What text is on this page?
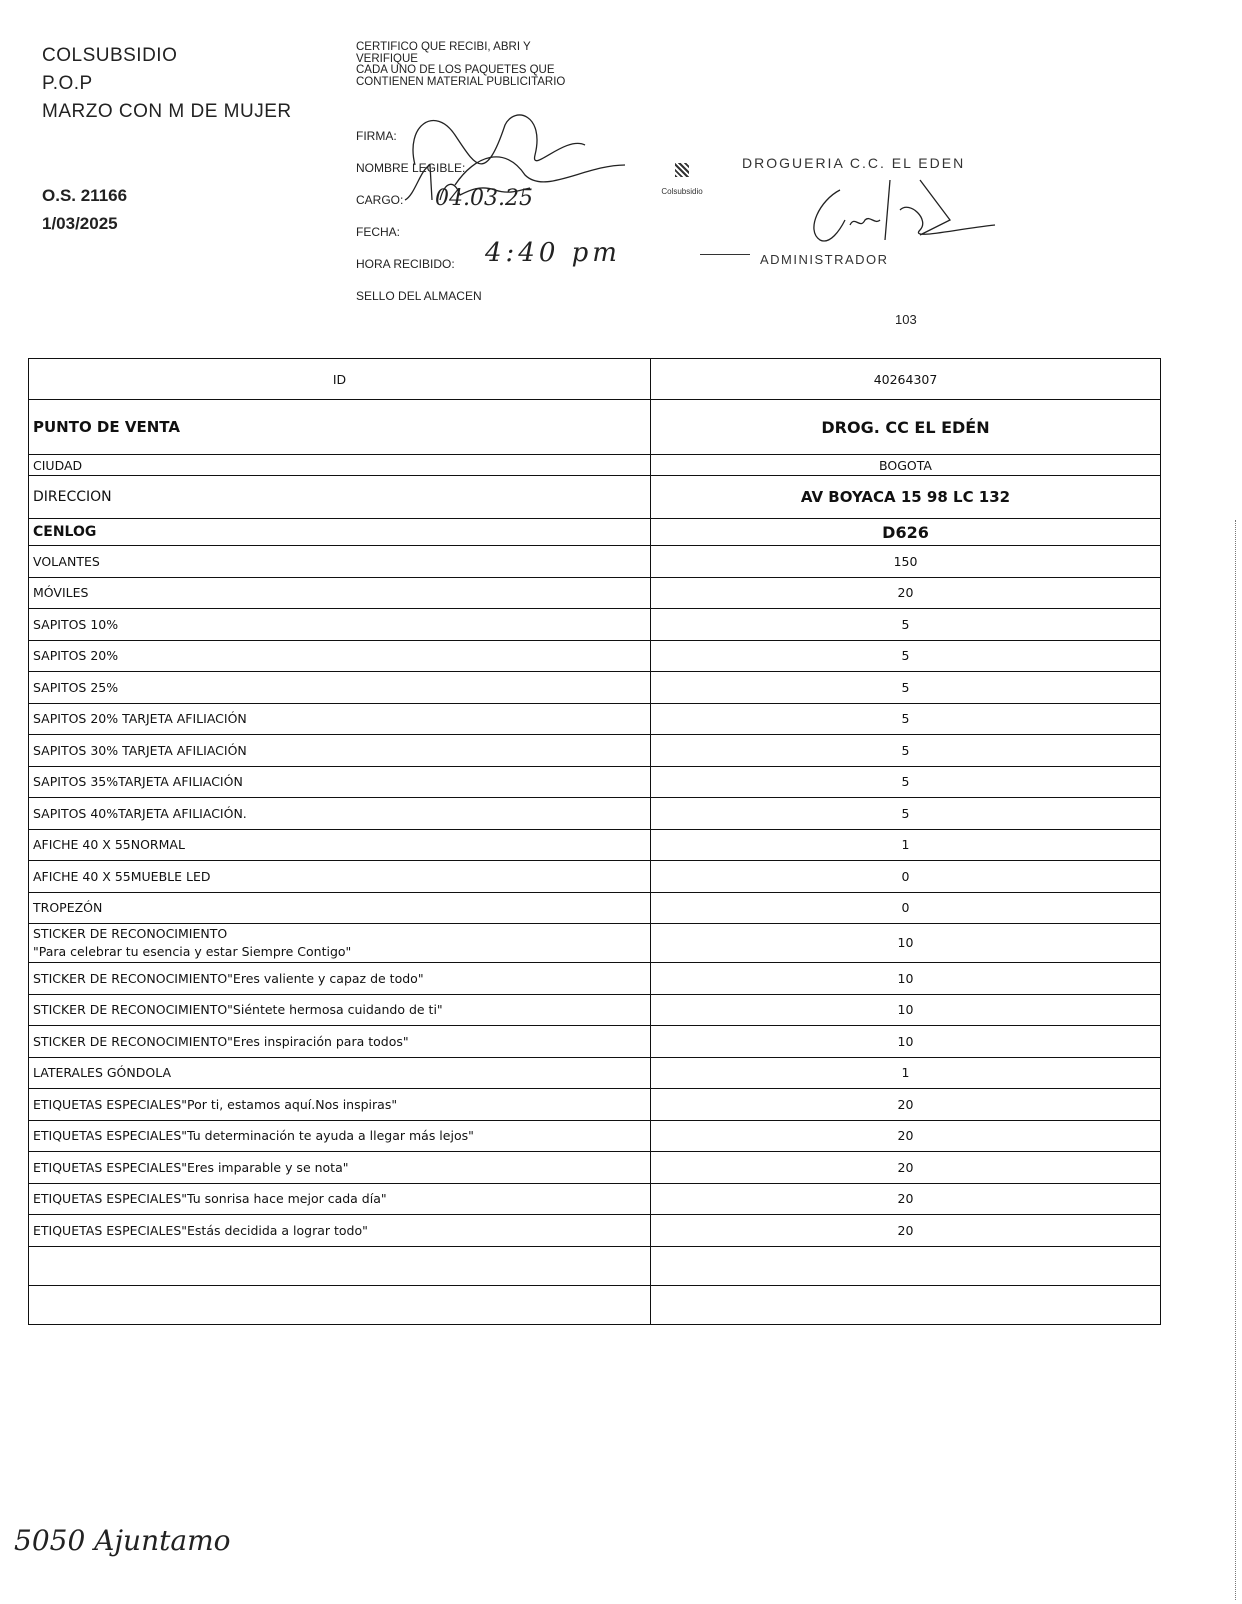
COLSUBSIDIO
P.O.P
MARZO CON M DE MUJER
O.S. 21166
1/03/2025
CERTIFICO QUE RECIBI, ABRI Y
VERIFIQUE
CADA UNO DE LOS PAQUETES QUE
CONTIENEN MATERIAL PUBLICITARIO
FIRMA:
NOMBRE LEGIBLE:
CARGO:
FECHA:
HORA RECIBIDO:
SELLO DEL ALMACEN
04.03.25
4:40 pm
Colsubsidio
DROGUERIA C.C. EL EDEN
ADMINISTRADOR
103
ID	40264307
PUNTO DE VENTA	DROG. CC EL EDÉN
CIUDAD	BOGOTA
DIRECCION	AV BOYACA 15 98 LC 132
CENLOG	D626

VOLANTES	150

MÓVILES	20

SAPITOS 10%	5

SAPITOS 20%	5

SAPITOS 25%	5

SAPITOS 20% TARJETA AFILIACIÓN	5

SAPITOS 30% TARJETA AFILIACIÓN	5

SAPITOS 35%TARJETA AFILIACIÓN	5

SAPITOS 40%TARJETA AFILIACIÓN.	5

AFICHE 40 X 55NORMAL	1

AFICHE 40 X 55MUEBLE LED	0

TROPEZÓN	0

STICKER DE RECONOCIMIENTO
"Para celebrar tu esencia y estar Siempre Contigo"	10

STICKER DE RECONOCIMIENTO"Eres valiente y capaz de todo"	10

STICKER DE RECONOCIMIENTO"Siéntete hermosa cuidando de ti"	10

STICKER DE RECONOCIMIENTO"Eres inspiración para todos"	10

LATERALES GÓNDOLA	1

ETIQUETAS ESPECIALES"Por ti, estamos aquí.Nos inspiras"	20

ETIQUETAS ESPECIALES"Tu determinación te ayuda a llegar más lejos"	20

ETIQUETAS ESPECIALES"Eres imparable y se nota"	20

ETIQUETAS ESPECIALES"Tu sonrisa hace mejor cada día"	20

ETIQUETAS ESPECIALES"Estás decidida a lograr todo"	20

5050 Ajuntamo
